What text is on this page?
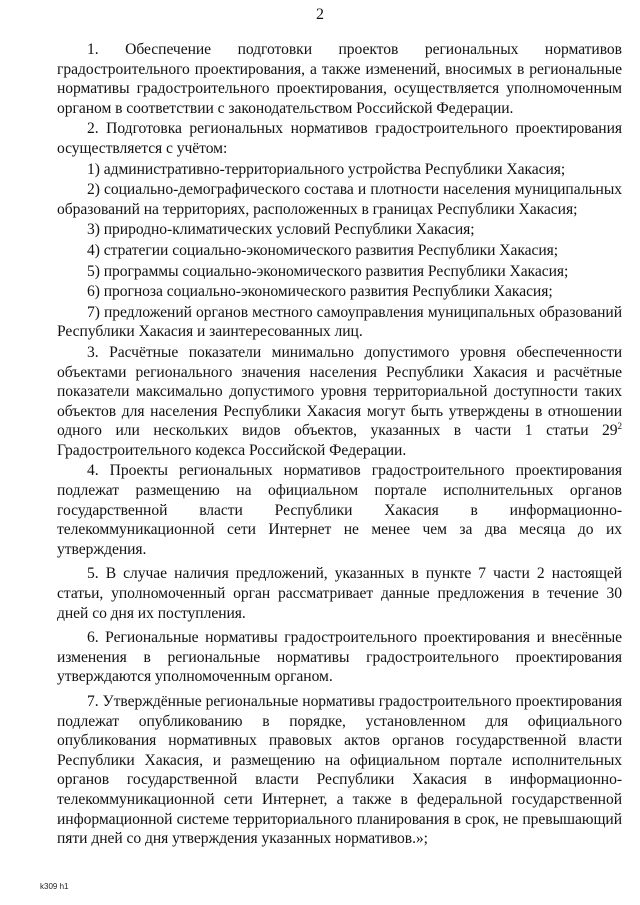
2

1. Обеспечение подготовки проектов региональных нормативов градостроительного проектирования, а также изменений, вносимых в региональные нормативы градостроительного проектирования, осуществляется уполномоченным органом в соответствии с законодательством Российской Федерации.

2. Подготовка региональных нормативов градостроительного проектирования осуществляется с учётом:

1) административно-территориального устройства Республики Хакасия;

2) социально-демографического состава и плотности населения муниципальных образований на территориях, расположенных в границах Республики Хакасия;

3) природно-климатических условий Республики Хакасия;

4) стратегии социально-экономического развития Республики Хакасия;

5) программы социально-экономического развития Республики Хакасия;

6) прогноза социально-экономического развития Республики Хакасия;

7) предложений органов местного самоуправления муниципальных образований Республики Хакасия и заинтересованных лиц.

3. Расчётные показатели минимально допустимого уровня обеспеченности объектами регионального значения населения Республики Хакасия и расчётные показатели максимально допустимого уровня территориальной доступности таких объектов для населения Республики Хакасия могут быть утверждены в отношении одного или нескольких видов объектов, указанных в части 1 статьи $29^2$ Градостроительного кодекса Российской Федерации.

4. Проекты региональных нормативов градостроительного проектирования подлежат размещению на официальном портале исполнительных органов государственной власти Республики Хакасия в информационно-телекоммуникационной сети Интернет не менее чем за два месяца до их утверждения.

5. В случае наличия предложений, указанных в пункте 7 части 2 настоящей статьи, уполномоченный орган рассматривает данные предложения в течение 30 дней со дня их поступления.

6. Региональные нормативы градостроительного проектирования и внесённые изменения в региональные нормативы градостроительного проектирования утверждаются уполномоченным органом.

7. Утверждённые региональные нормативы градостроительного проектирования подлежат опубликованию в порядке, установленном для официального опубликования нормативных правовых актов органов государственной власти Республики Хакасия, и размещению на официальном портале исполнительных органов государственной власти Республики Хакасия в информационно-телекоммуникационной сети Интернет, а также в федеральной государственной информационной системе территориального планирования в срок, не превышающий пяти дней со дня утверждения указанных нормативов.»;

k309 h1
